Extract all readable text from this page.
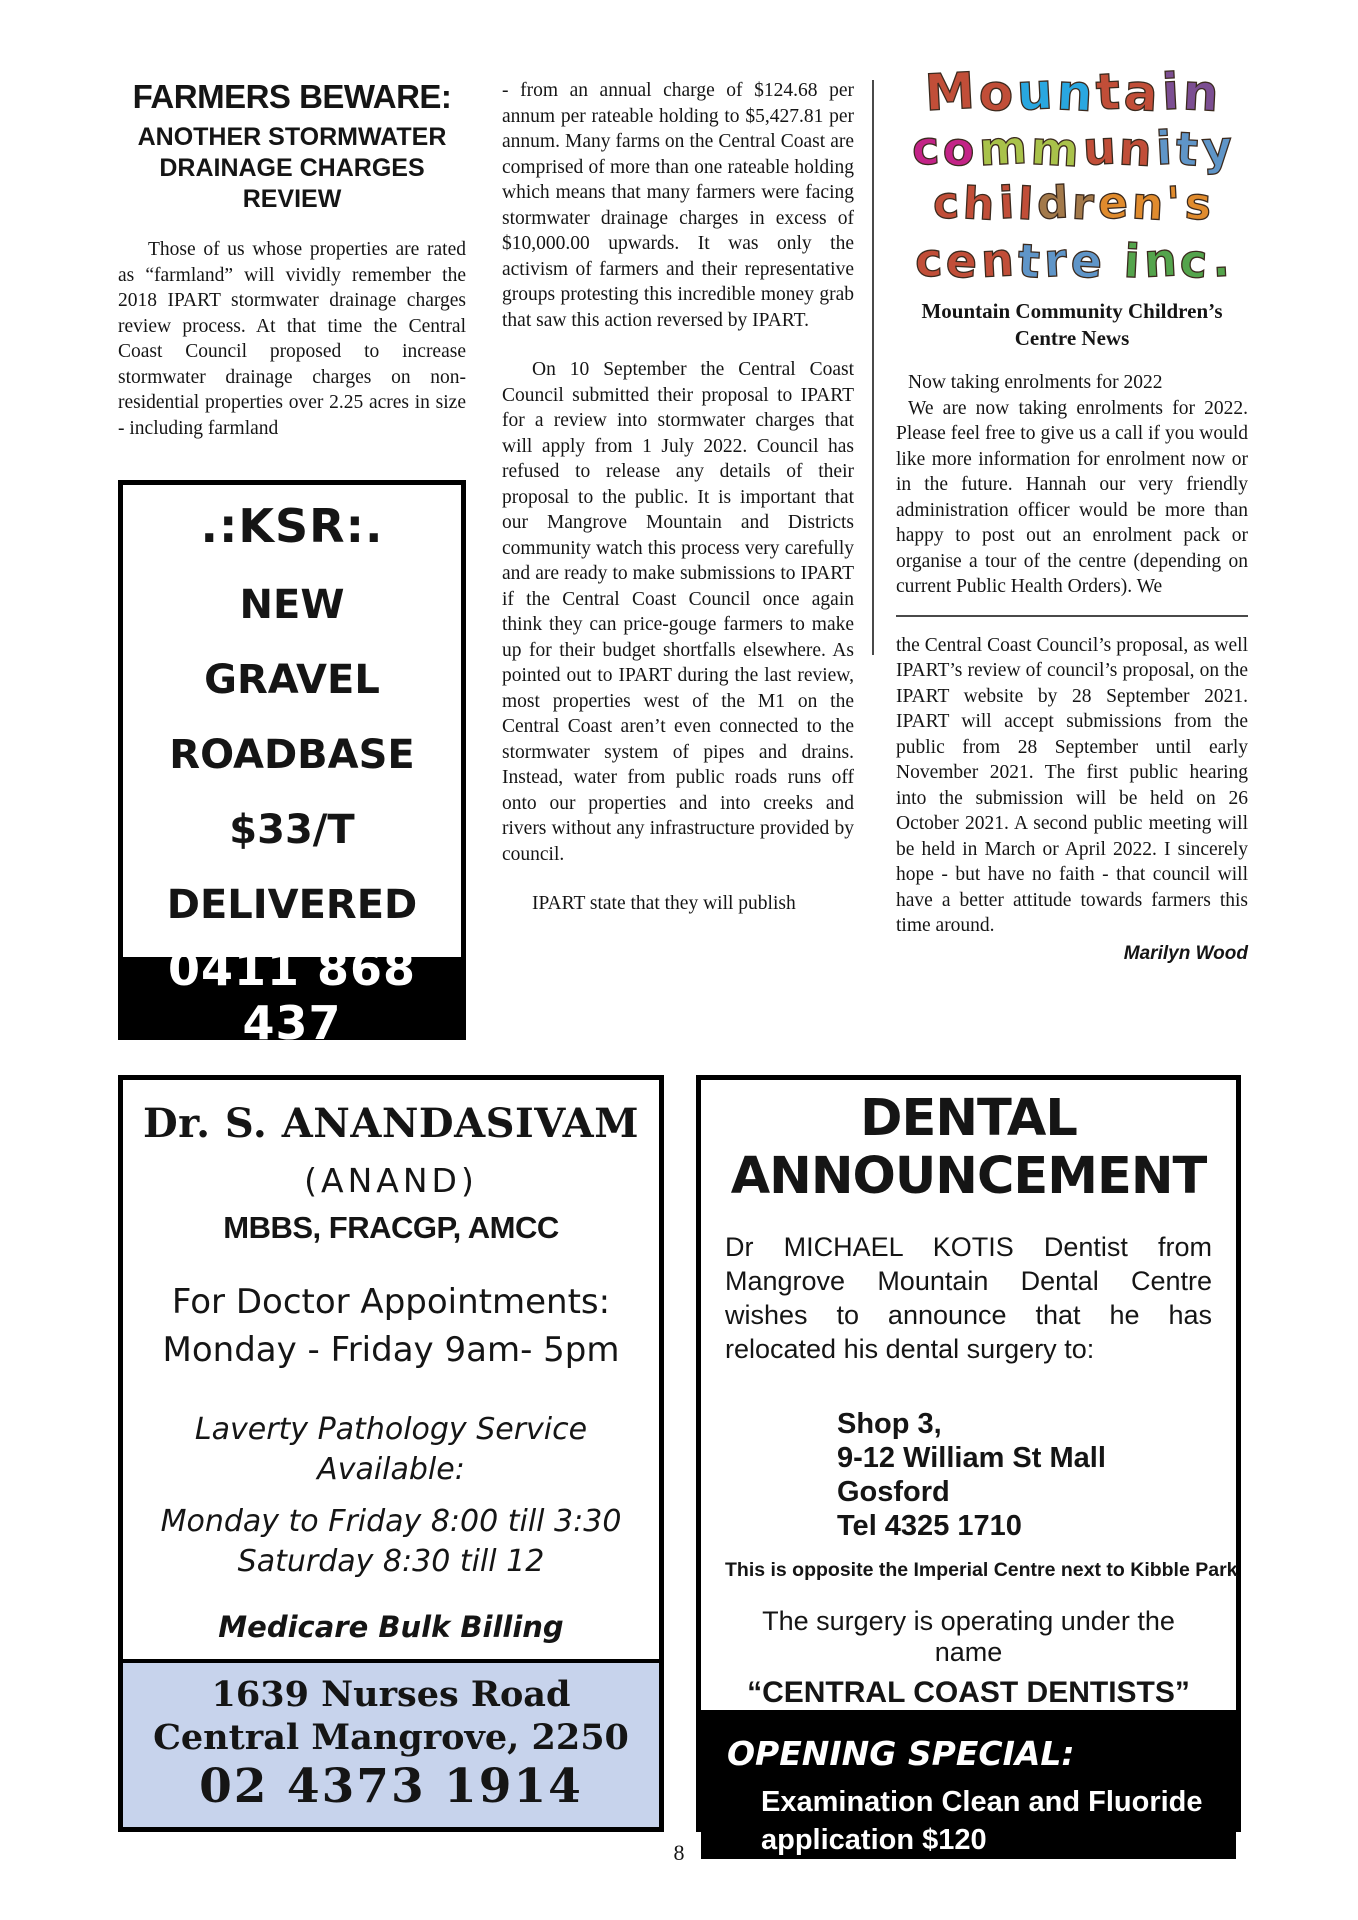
FARMERS BEWARE:
ANOTHER STORMWATER DRAINAGE CHARGES REVIEW

Those of us whose properties are rated as “farmland” will vividly remember the 2018 IPART stormwater drainage charges review process. At that time the Central Coast Council proposed to increase stormwater drainage charges on non-residential properties over 2.25 acres in size - including farmland

.:KSR:.
NEW
GRAVEL
ROADBASE
$33/T
DELIVERED
0411 868 437

- from an annual charge of $124.68 per annum per rateable holding to $5,427.81 per annum. Many farms on the Central Coast are comprised of more than one rateable holding which means that many farmers were facing stormwater drainage charges in excess of $10,000.00 upwards. It was only the activism of farmers and their representative groups protesting this incredible money grab that saw this action reversed by IPART.

On 10 September the Central Coast Council submitted their proposal to IPART for a review into stormwater charges that will apply from 1 July 2022. Council has refused to release any details of their proposal to the public. It is important that our Mangrove Mountain and Districts community watch this process very carefully and are ready to make submissions to IPART if the Central Coast Council once again think they can price-gouge farmers to make up for their budget shortfalls elsewhere. As pointed out to IPART during the last review, most properties west of the M1 on the Central Coast aren’t even connected to the stormwater system of pipes and drains. Instead, water from public roads runs off onto our properties and into creeks and rivers without any infrastructure provided by council.

IPART state that they will publish

Mountain
community
children's
centre inc.
Mountain Community Children’s
Centre News

Now taking enrolments for 2022

We are now taking enrolments for 2022. Please feel free to give us a call if you would like more information for enrolment now or in the future. Hannah our very friendly administration officer would be more than happy to post out an enrolment pack or organise a tour of the centre (depending on current Public Health Orders). We

the Central Coast Council’s proposal, as well IPART’s review of council’s proposal, on the IPART website by 28 September 2021. IPART will accept submissions from the public from 28 September until early November 2021. The first public hearing into the submission will be held on 26 October 2021. A second public meeting will be held in March or April 2022. I sincerely hope - but have no faith - that council will have a better attitude towards farmers this time around.

Marilyn Wood
Dr. S. ANANDASIVAM
(ANAND)
MBBS, FRACGP, AMCC
For Doctor Appointments:
Monday - Friday 9am- 5pm
Laverty Pathology Service
Available:
Monday to Friday 8:00 till 3:30
Saturday 8:30 till 12
Medicare Bulk Billing
1639 Nurses Road
Central Mangrove, 2250
02 4373 1914
DENTAL
ANNOUNCEMENT

Dr MICHAEL KOTIS Dentist from Mangrove Mountain Dental Centre wishes to announce that he has relocated his dental surgery to:

Shop 3,
9-12 William St Mall
Gosford
Tel 4325 1710
This is opposite the Imperial Centre next to Kibble Park
The surgery is operating under the name
“CENTRAL COAST DENTISTS”
OPENING SPECIAL:
Examination Clean and Fluoride
application $120
8
